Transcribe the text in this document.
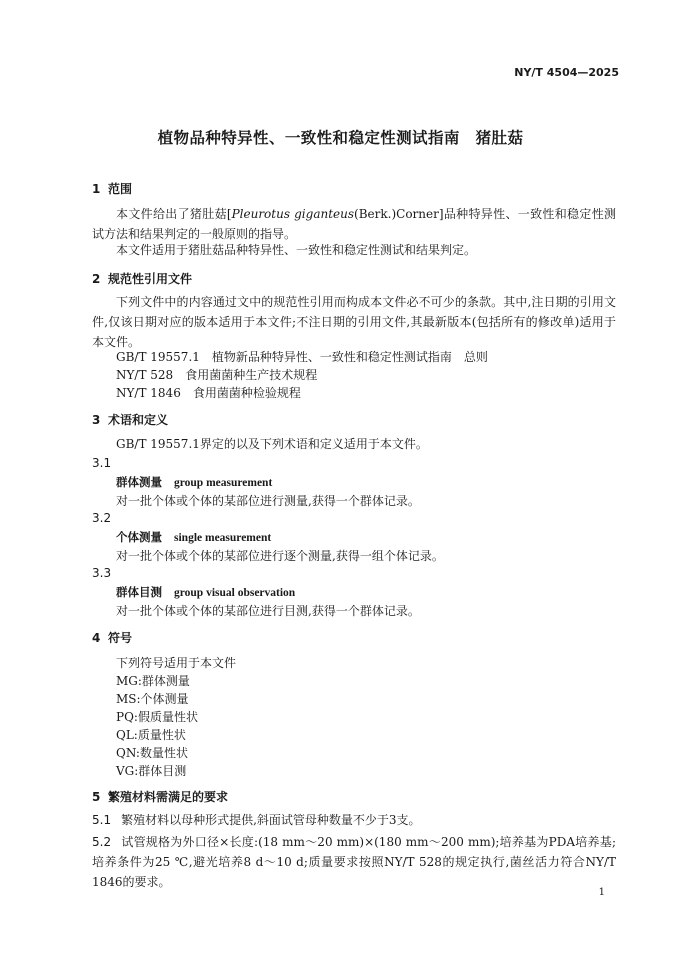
NY/T 4504—2025
植物品种特异性、一致性和稳定性测试指南　猪肚菇
1 范围
本文件给出了猪肚菇[Pleurotus giganteus(Berk.)Corner]品种特异性、一致性和稳定性测试方法和结果判定的一般原则的指导。
本文件适用于猪肚菇品种特异性、一致性和稳定性测试和结果判定。
2 规范性引用文件
下列文件中的内容通过文中的规范性引用而构成本文件必不可少的条款。其中,注日期的引用文件,仅该日期对应的版本适用于本文件;不注日期的引用文件,其最新版本(包括所有的修改单)适用于本文件。
GB/T 19557.1　植物新品种特异性、一致性和稳定性测试指南　总则
NY/T 528　食用菌菌种生产技术规程
NY/T 1846　食用菌菌种检验规程
3 术语和定义
GB/T 19557.1界定的以及下列术语和定义适用于本文件。
3.1
群体测量 group measurement
对一批个体或个体的某部位进行测量,获得一个群体记录。
3.2
个体测量 single measurement
对一批个体或个体的某部位进行逐个测量,获得一组个体记录。
3.3
群体目测 group visual observation
对一批个体或个体的某部位进行目测,获得一个群体记录。
4 符号
下列符号适用于本文件
MG:群体测量
MS:个体测量
PQ:假质量性状
QL:质量性状
QN:数量性状
VG:群体目测
5 繁殖材料需满足的要求
5.1 繁殖材料以母种形式提供,斜面试管母种数量不少于3支。
5.2 试管规格为外口径×长度:(18 mm～20 mm)×(180 mm～200 mm);培养基为PDA培养基;培养条件为25 ℃,避光培养8 d～10 d;质量要求按照NY/T 528的规定执行,菌丝活力符合NY/T 1846的要求。
1
